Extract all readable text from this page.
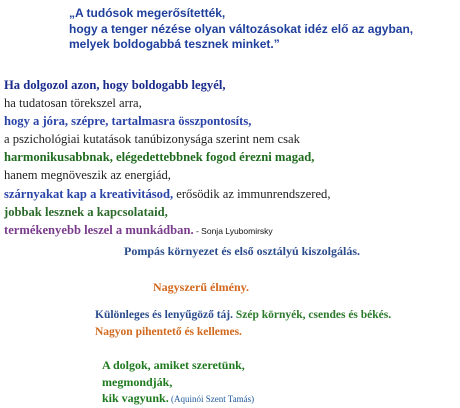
„A tudósok megerősítették,
hogy a tenger nézése olyan változásokat idéz elő az agyban,
melyek boldogabbá tesznek minket.”
Ha dolgozol azon, hogy boldogabb legyél,
ha tudatosan törekszel arra,
hogy a jóra, szépre, tartalmasra összpontosíts,
a pszichológiai kutatások tanúbizonysága szerint nem csak
harmonikusabbnak, elégedettebbnek fogod érezni magad,
hanem megnöveszik az energiád,
szárnyakat kap a kreativitásod, erősödik az immunrendszered,
jobbak lesznek a kapcsolataid,
termékenyebb leszel a munkádban. - Sonja Lyubomirsky
Pompás környezet és első osztályú kiszolgálás.
Nagyszerű élmény.
Különleges és lenyűgöző táj. Szép környék, csendes és békés.
Nagyon pihentető és kellemes.
A dolgok, amiket szeretünk,
megmondják,
kik vagyunk. (Aquinói Szent Tamás)
